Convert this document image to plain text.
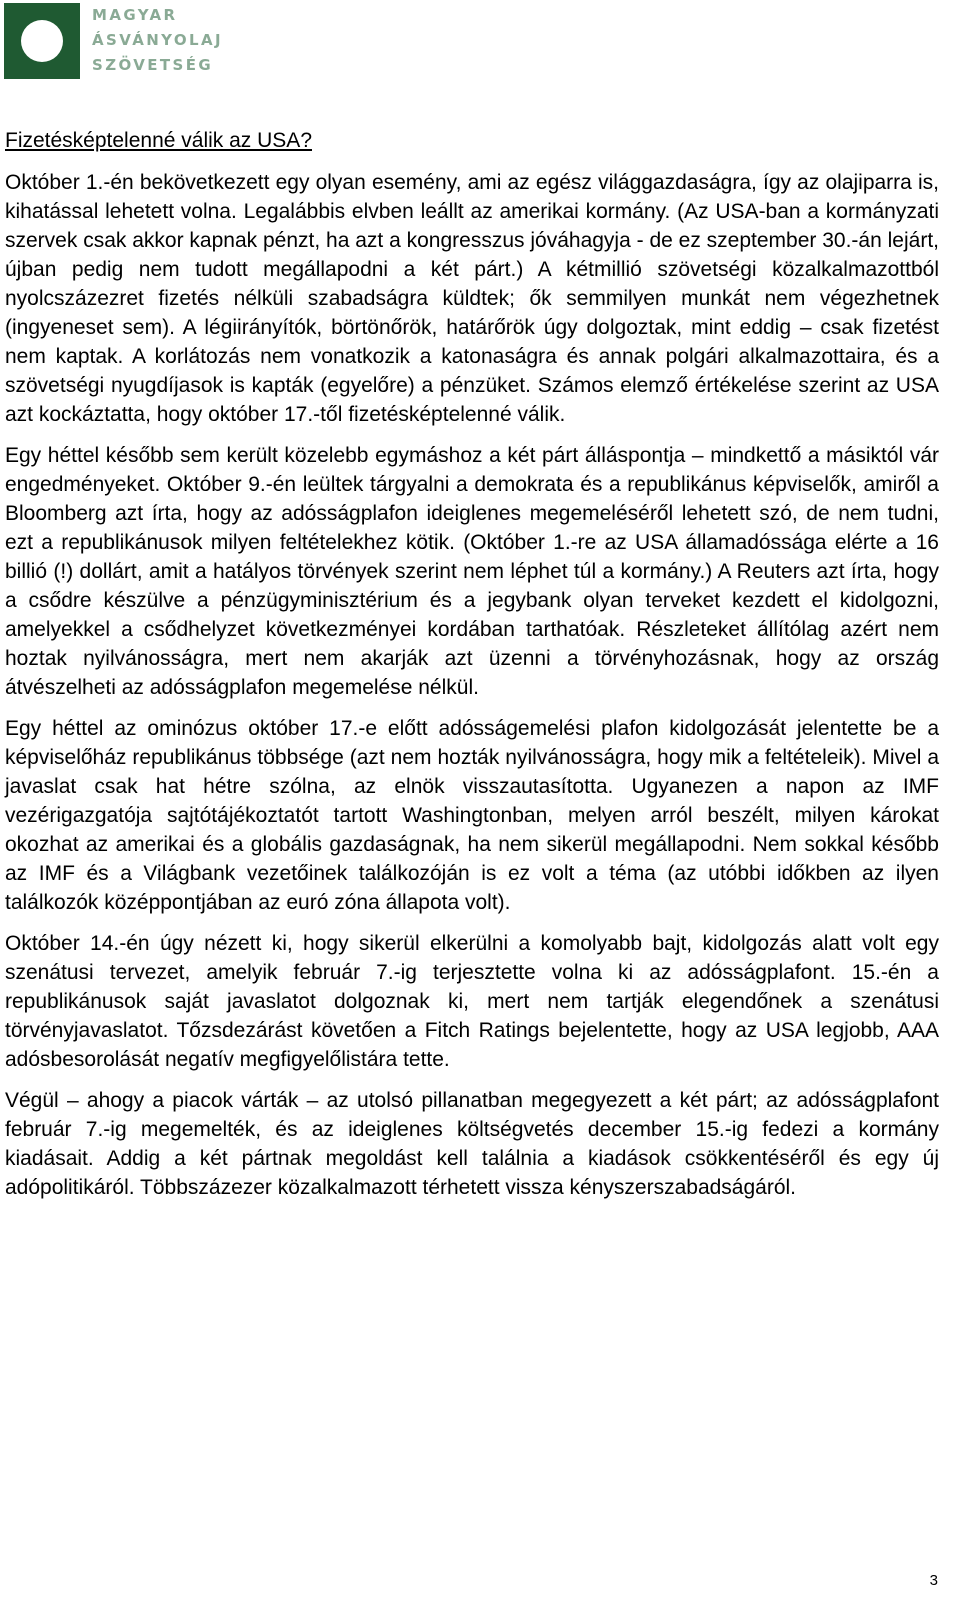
MAGYAR
ÁSVÁNYOLAJ
SZÖVETSÉG
Fizetésképtelenné válik az USA?

Október 1.-én bekövetkezett egy olyan esemény, ami az egész világgazdaságra, így az olajiparra is, kihatással lehetett volna. Legalábbis elvben leállt az amerikai kormány. (Az USA-ban a kormányzati szervek csak akkor kapnak pénzt, ha azt a kongresszus jóváhagyja - de ez szeptember 30.-án lejárt, újban pedig nem tudott megállapodni a két párt.) A kétmillió szövetségi közalkalmazottból nyolcszázezret fizetés nélküli szabadságra küldtek; ők semmilyen munkát nem végezhetnek (ingyeneset sem). A légiirányítók, börtönőrök, határőrök úgy dolgoztak, mint eddig – csak fizetést nem kaptak. A korlátozás nem vonatkozik a katonaságra és annak polgári alkalmazottaira, és a szövetségi nyugdíjasok is kapták (egyelőre) a pénzüket. Számos elemző értékelése szerint az USA azt kockáztatta, hogy október 17.-től fizetésképtelenné válik.

Egy héttel később sem került közelebb egymáshoz a két párt álláspontja – mindkettő a másiktól vár engedményeket. Október 9.-én leültek tárgyalni a demokrata és a republikánus képviselők, amiről a Bloomberg azt írta, hogy az adósságplafon ideiglenes megemeléséről lehetett szó, de nem tudni, ezt a republikánusok milyen feltételekhez kötik. (Október 1.-re az USA államadóssága elérte a 16 billió (!) dollárt, amit a hatályos törvények szerint nem léphet túl a kormány.) A Reuters azt írta, hogy a csődre készülve a pénzügyminisztérium és a jegybank olyan terveket kezdett el kidolgozni, amelyekkel a csődhelyzet következményei kordában tarthatóak. Részleteket állítólag azért nem hoztak nyilvánosságra, mert nem akarják azt üzenni a törvényhozásnak, hogy az ország átvészelheti az adósságplafon megemelése nélkül.

Egy héttel az ominózus október 17.-e előtt adósságemelési plafon kidolgozását jelentette be a képviselőház republikánus többsége (azt nem hozták nyilvánosságra, hogy mik a feltételeik). Mivel a javaslat csak hat hétre szólna, az elnök visszautasította. Ugyanezen a napon az IMF vezérigazgatója sajtótájékoztatót tartott Washingtonban, melyen arról beszélt, milyen károkat okozhat az amerikai és a globális gazdaságnak, ha nem sikerül megállapodni. Nem sokkal később az IMF és a Világbank vezetőinek találkozóján is ez volt a téma (az utóbbi időkben az ilyen találkozók középpontjában az euró zóna állapota volt).

Október 14.-én úgy nézett ki, hogy sikerül elkerülni a komolyabb bajt, kidolgozás alatt volt egy szenátusi tervezet, amelyik február 7.-ig terjesztette volna ki az adósságplafont. 15.-én a republikánusok saját javaslatot dolgoznak ki, mert nem tartják elegendőnek a szenátusi törvényjavaslatot. Tőzsdezárást követően a Fitch Ratings bejelentette, hogy az USA legjobb, AAA adósbesorolását negatív megfigyelőlistára tette.

Végül – ahogy a piacok várták – az utolsó pillanatban megegyezett a két párt; az adósságplafont február 7.-ig megemelték, és az ideiglenes költségvetés december 15.-ig fedezi a kormány kiadásait. Addig a két pártnak megoldást kell találnia a kiadások csökkentéséről és egy új adópolitikáról. Többszázezer közalkalmazott térhetett vissza kényszerszabadságáról.

3
